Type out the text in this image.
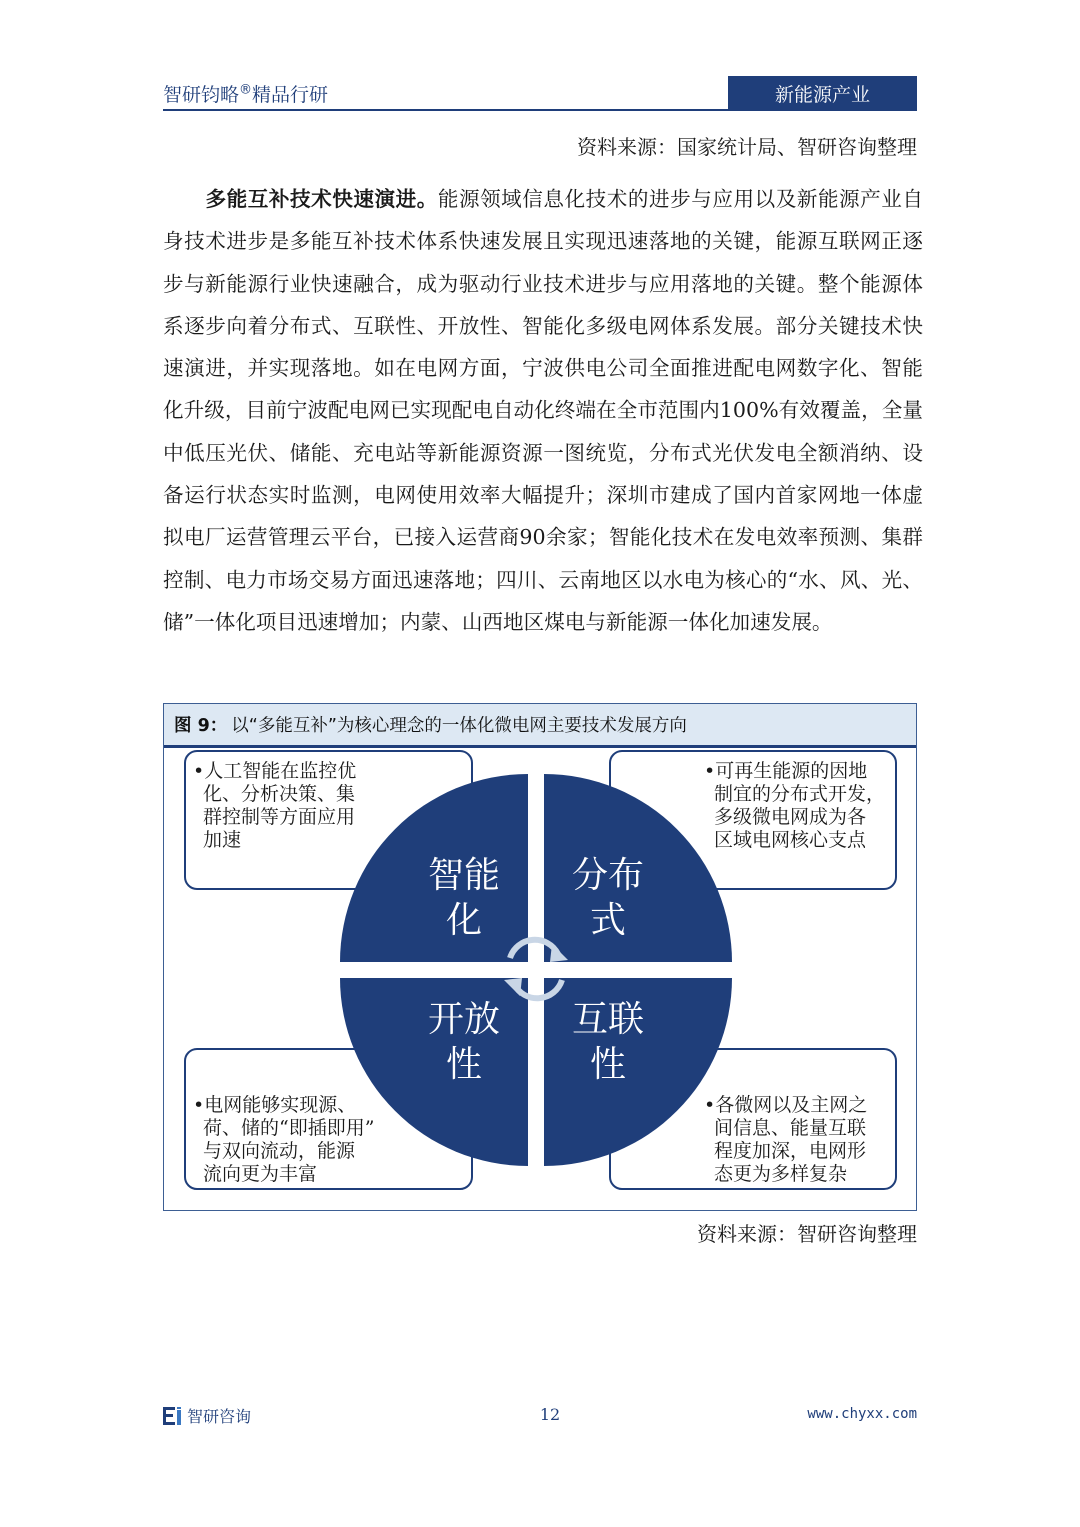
智研钧略®精品行研	新能源产业
资料来源：国家统计局、智研咨询整理

多能互补技术快速演进。能源领域信息化技术的进步与应用以及新能源产业自身技术进步是多能互补技术体系快速发展且实现迅速落地的关键，能源互联网正逐步与新能源行业快速融合，成为驱动行业技术进步与应用落地的关键。整个能源体系逐步向着分布式、互联性、开放性、智能化多级电网体系发展。部分关键技术快速演进，并实现落地。如在电网方面，宁波供电公司全面推进配电网数字化、智能化升级，目前宁波配电网已实现配电自动化终端在全市范围内100%有效覆盖，全量中低压光伏、储能、充电站等新能源资源一图统览，分布式光伏发电全额消纳、设备运行状态实时监测，电网使用效率大幅提升；深圳市建成了国内首家网地一体虚拟电厂运营管理云平台，已接入运营商90余家；智能化技术在发电效率预测、集群控制、电力市场交易方面迅速落地；四川、云南地区以水电为核心的“水、风、光、储”一体化项目迅速增加；内蒙、山西地区煤电与新能源一体化加速发展。

智能
化
分布
式
开放
性
互联
性
•人工智能在监控优
化、分析决策、集
群控制等方面应用
加速
•可再生能源的因地
制宜的分布式开发，
多级微电网成为各
区域电网核心支点
•电网能够实现源、
荷、储的“即插即用”
与双向流动，能源
流向更为丰富
•各微网以及主网之
间信息、能量互联
程度加深，电网形
态更为多样复杂
图 9： 以“多能互补”为核心理念的一体化微电网主要技术发展方向
资料来源：智研咨询整理
智研咨询	12	www.chyxx.com
